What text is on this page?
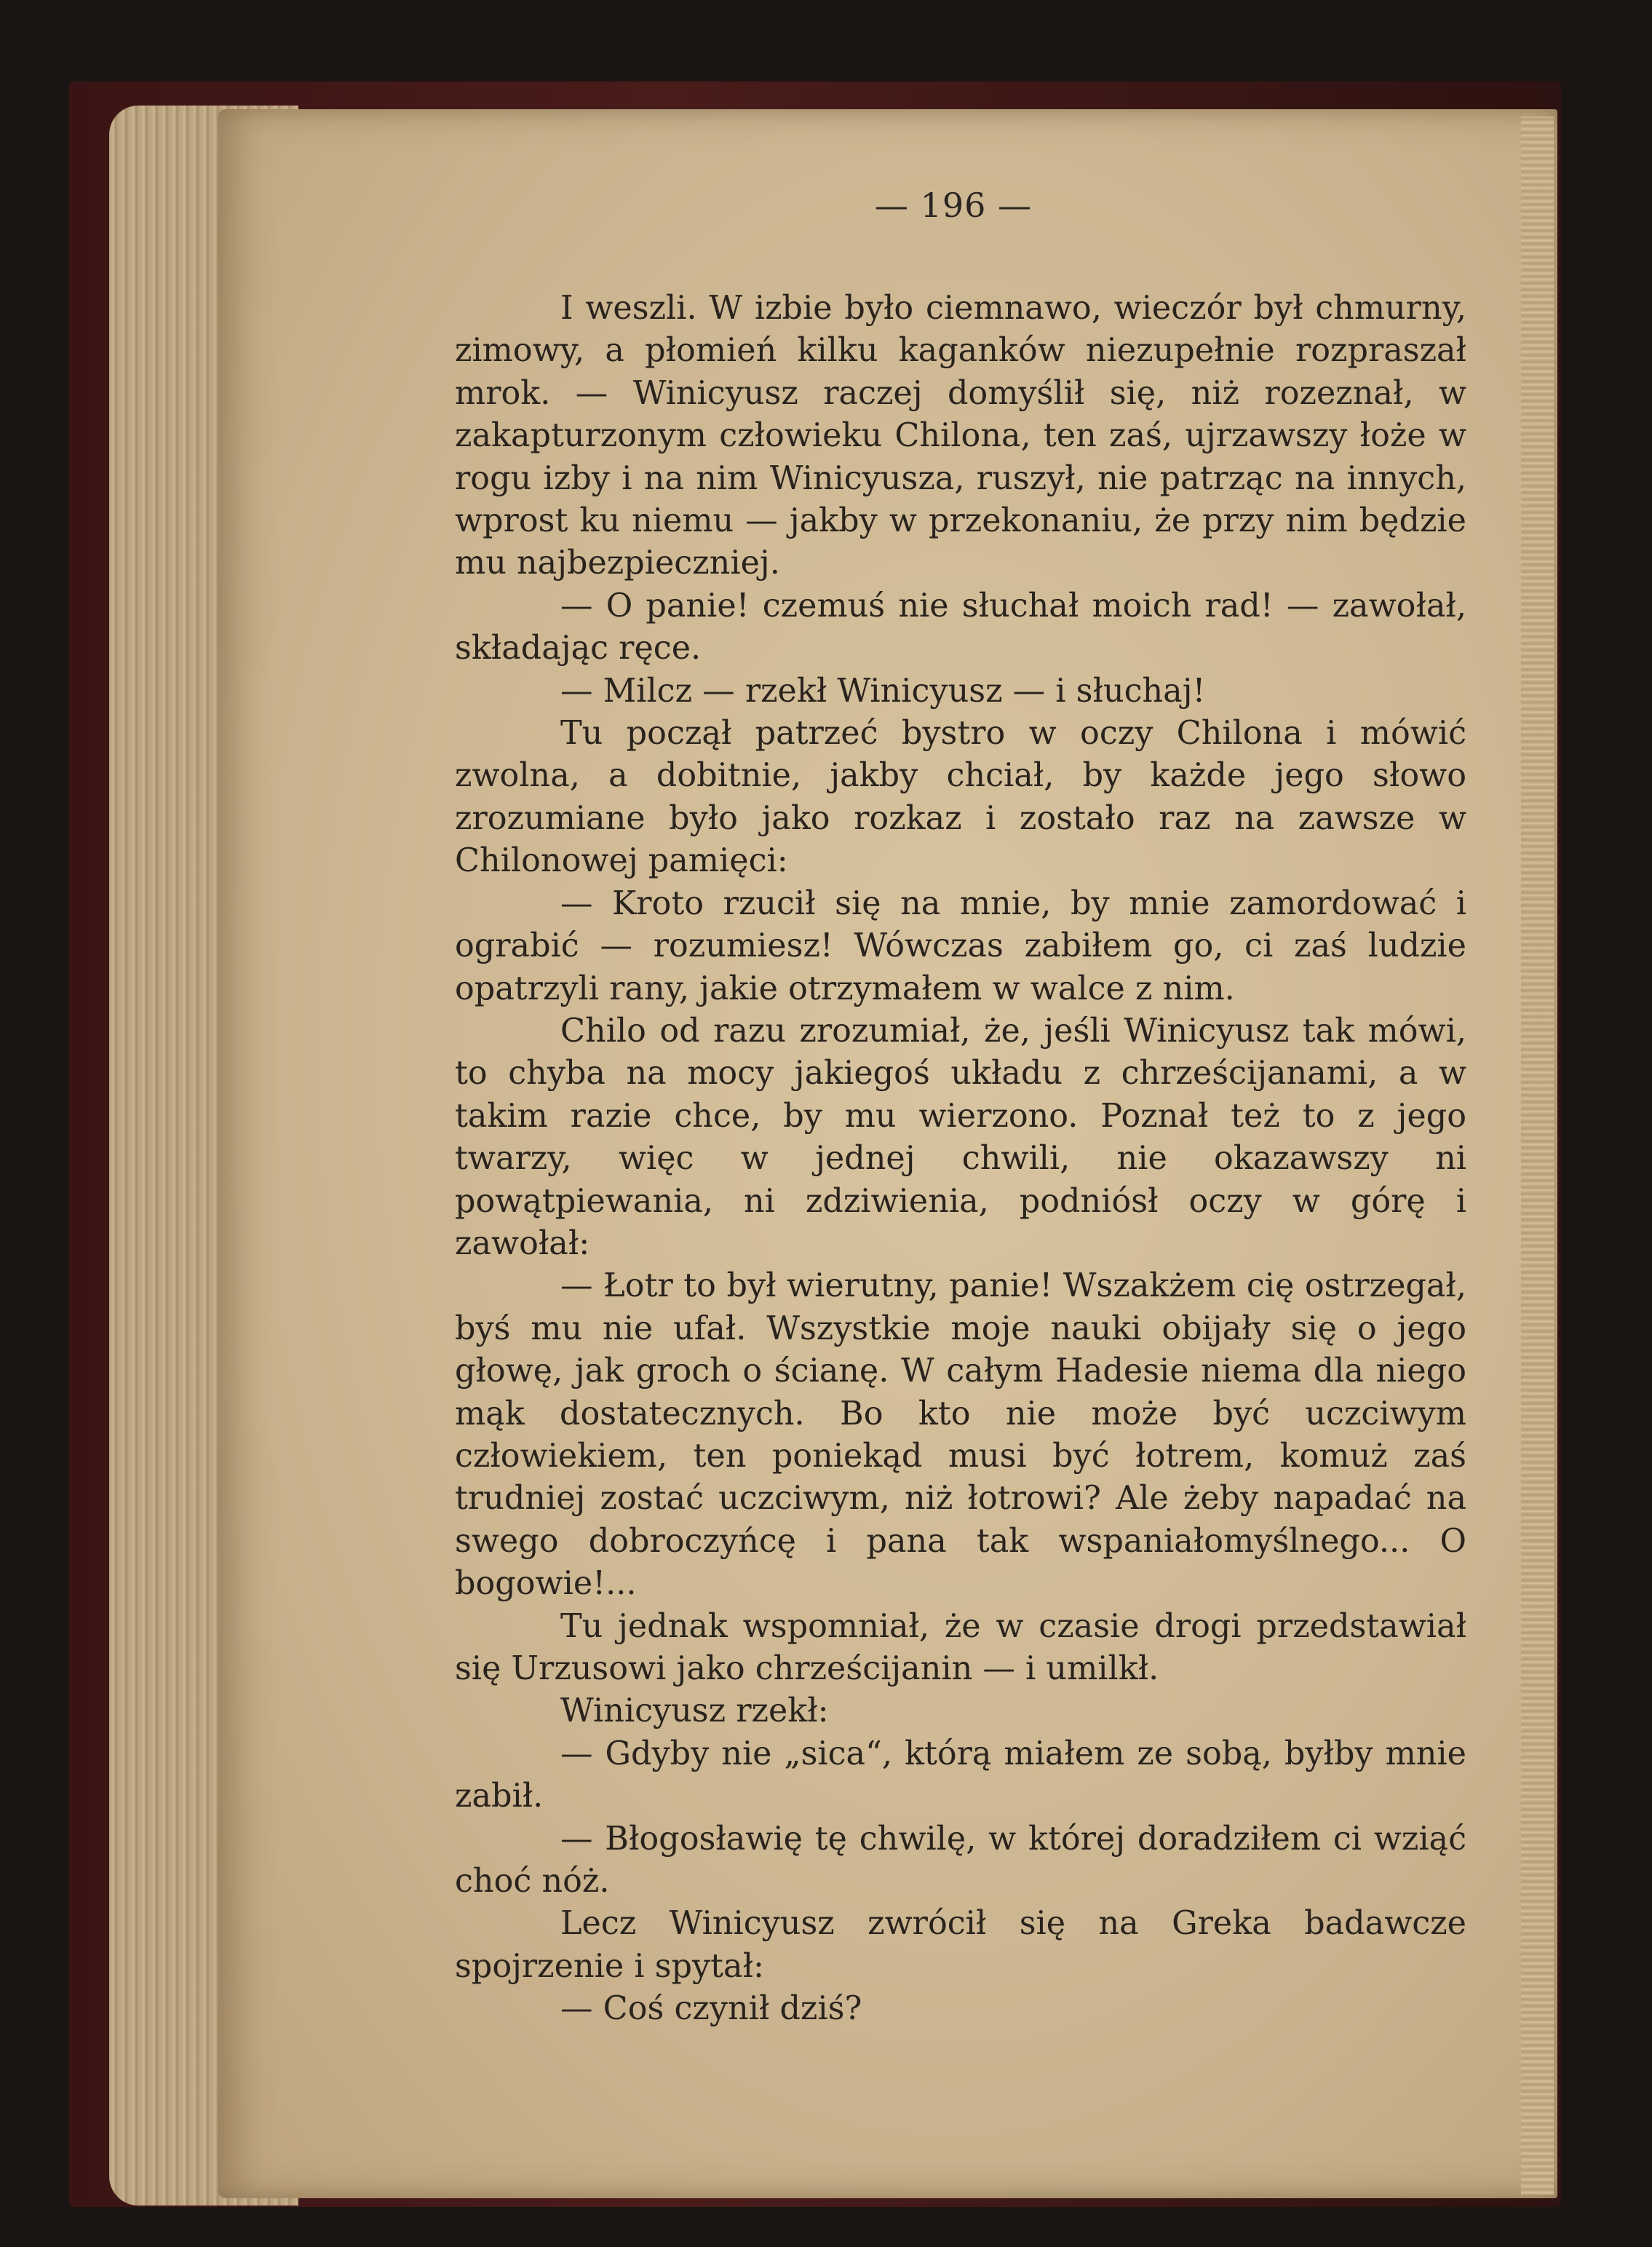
— 196 —

I weszli. W izbie było ciemnawo, wieczór był chmurny, zimowy, a płomień kilku kaganków niezupełnie rozpraszał mrok. — Winicyusz raczej domyślił się, niż rozeznał, w zakapturzonym człowieku Chilona, ten zaś, ujrzawszy łoże w rogu izby i na nim Winicyusza, ruszył, nie patrząc na innych, wprost ku niemu — jakby w przekonaniu, że przy nim będzie mu najbezpieczniej.

— O panie! czemuś nie słuchał moich rad! — zawołał, składając ręce.

— Milcz — rzekł Winicyusz — i słuchaj!

Tu począł patrzeć bystro w oczy Chilona i mówić zwolna, a dobitnie, jakby chciał, by każde jego słowo zrozumiane było jako rozkaz i zostało raz na zawsze w Chilonowej pamięci:

— Kroto rzucił się na mnie, by mnie zamordować i ograbić — rozumiesz! Wówczas zabiłem go, ci zaś ludzie opatrzyli rany, jakie otrzymałem w walce z nim.

Chilo od razu zrozumiał, że, jeśli Winicyusz tak mówi, to chyba na mocy jakiegoś układu z chrześcijanami, a w takim razie chce, by mu wierzono. Poznał też to z jego twarzy, więc w jednej chwili, nie okazawszy ni powątpiewania, ni zdziwienia, podniósł oczy w górę i zawołał:

— Łotr to był wierutny, panie! Wszakżem cię ostrzegał, byś mu nie ufał. Wszystkie moje nauki obijały się o jego głowę, jak groch o ścianę. W całym Hadesie niema dla niego mąk dostatecznych. Bo kto nie może być uczciwym człowiekiem, ten poniekąd musi być łotrem, komuż zaś trudniej zostać uczciwym, niż łotrowi? Ale żeby napadać na swego dobroczyńcę i pana tak wspaniałomyślnego... O bogowie!...

Tu jednak wspomniał, że w czasie drogi przedstawiał się Urzusowi jako chrześcijanin — i umilkł.

Winicyusz rzekł:

— Gdyby nie „sica“, którą miałem ze sobą, byłby mnie zabił.

— Błogosławię tę chwilę, w której doradziłem ci wziąć choć nóż.

Lecz Winicyusz zwrócił się na Greka badawcze spojrzenie i spytał:

— Coś czynił dziś?
